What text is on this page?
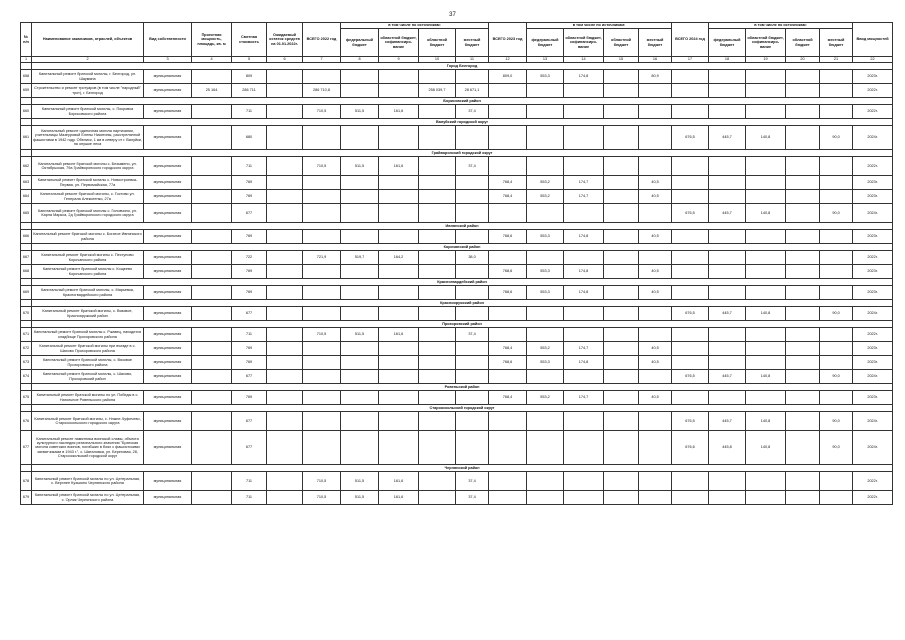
37
№ п/п	Наименование заказчиков, отраслей, объектов	Вид собственности	Проектная мощность, площадь, кв. м	Сметная стоимость	Ожидаемый остаток средств на 01.01.2022г.	ВСЕГО 2022 год	в том числе по источникам:				ВСЕГО 2023 год	в том числе по источникам:				ВСЕГО 2024 год	в том числе по источникам:				Ввод мощностей
							федеральный бюджет	областной бюджет, софинансиро-вание	областной бюджет	местный бюджет		федеральный бюджет	областной бюджет, софинансиро-вание	областной бюджет	местный бюджет		федеральный бюджет	областной бюджет, софинансиро-вание	областной бюджет	местный бюджет	
1	2	3	4	5	6	7	8	9	10	11	12	13	14	15	16	17	18	19	20	21	22
	Город Белгород																				
658	Капитальный ремонт братской могилы, г. Белгород, ул. Шаумяна	муниципальная		809							809,0	553,3	174,8		80,9						2023г.
659	Строительство и ремонт тротуаров (в том числе "народный" трот), г. Белгород	муниципальная	25 164	286 711		286 710,8			258 039,7	28 671,1											2022г.
	Борисовский район																				
660	Капитальный ремонт братской могилы, с. Покровка Борисовского района	муниципальная		711		710,5	511,5	161,6		37,4											2022г.
	Валуйский городской округ																				
661	Капитальный ремонт одиночная могила партизанки, учительницы Мазеуровой Елены Никитины, расстрелянной фашистами в 1942 году. Обелиск, 1 км в северу от г. Валуйки, на опушке леса	муниципальная		680												676,5	445,7	140,8		90,0	2024г.
	Грайворонский городской округ																				
662	Капитальный ремонт братской могилы с. Безымено, ул. Октябрьская, 79а Грайворонского городского округа	муниципальная		711		710,5	511,5	161,6		37,4											2022г.
663	Капитальный ремонт братской могилы с. Новостроевка-Первая, ул. Первомайская, 77а	муниципальная		769							768,4	553,2	174,7		40,5						2023г.
664	Капитальный ремонт братской могилы, с. Гостово ул. Генерала Алексеенко, 27а	муниципальная		769							768,4	553,2	174,7		40,5						2023г.
665	Капитальный ремонт братской могилы с. Головчино, ул. Карла Маркса, 2д Грайворонского городского округа	муниципальная		677												676,5	445,7	140,8		90,0	2024г.
	Ивнянский район																				
666	Капитальный ремонт братской могилы с. Богатое Ивнянского района	муниципальная		769							768,6	553,3	174,8		40,5						2023г.
	Корочанский район																				
667	Капитальный ремонт братской могилы с. Пестуново Корочанского района	муниципальная		722		721,9	519,7	164,2		38,0											2022г.
668	Капитальный ремонт братской могилы с. Кощеево Корочанского района	муниципальная		769							768,6	553,3	174,8		40,5						2023г.
	Красногвардейский район																				
669	Капитальный ремонт братской могилы, с. Марьевка, Красногвардейского района	муниципальная		769							768,6	553,3	174,8		40,5						2023г.
	Краснояружский район																				
670	Капитальный ремонт братской могилы, с. Вязовое, Краснояружский район	муниципальная		677												676,5	445,7	140,8		90,0	2024г.
	Прохоровский район																				
671	Капитальный ремонт братской могилы с. Ржавец, находится кладбище Прохоровского района	муниципальная		711		710,5	511,5	161,6		37,4											2022г.
672	Капитальный ремонт братской могилы при въезде в с. Шахово Прохоровского района	муниципальная		769							768,4	553,2	174,7		40,5						2023г.
673	Капитальный ремонт братской могилы, с. Вязовое Прохоровского района	муниципальная		769							768,6	553,3	174,8		40,5						2023г.
674	Капитальный ремонт братской могилы, с. Шахово, Прохоровский район	муниципальная		677												676,5	445,7	140,8		90,0	2024г.
	Ровеньский район																				
675	Капитальный ремонт братской могилы по ул. Победы в с. Нагольное Ровеньского района	муниципальная		769							768,4	553,2	174,7		40,5						2023г.
	Старооскольский городской округ																				
676	Капитальный ремонт братской могилы, с. Ннжне-Чуфичево, Старооскольского городского округа	муниципальная		677												676,5	445,7	140,8		90,0	2024г.
677	Капитальный ремонт памятника воинской славы, объекта культурного наследия регионального значения "Братская могила советских воинов, погибших в боях с фашистскими захватчиками в 1943 г.", с. Шаталовка, ул. Береговая, 28, Старооскольский городской округ	муниципальная		677												676,6	445,8	140,8		90,0	2024г.
	Чернянский район																				
678	Капитальный ремонт братской могилы по ул. Центральная, с. Верхнее Кузькино Чернянского района	муниципальная		711		710,5	511,5	161,6		37,4											2022г.
679	Капитальный ремонт братской могилы по ул. Центральная, с. Орлик Чернянского района	муниципальная		711		710,5	511,5	161,6		37,4											2022г.
